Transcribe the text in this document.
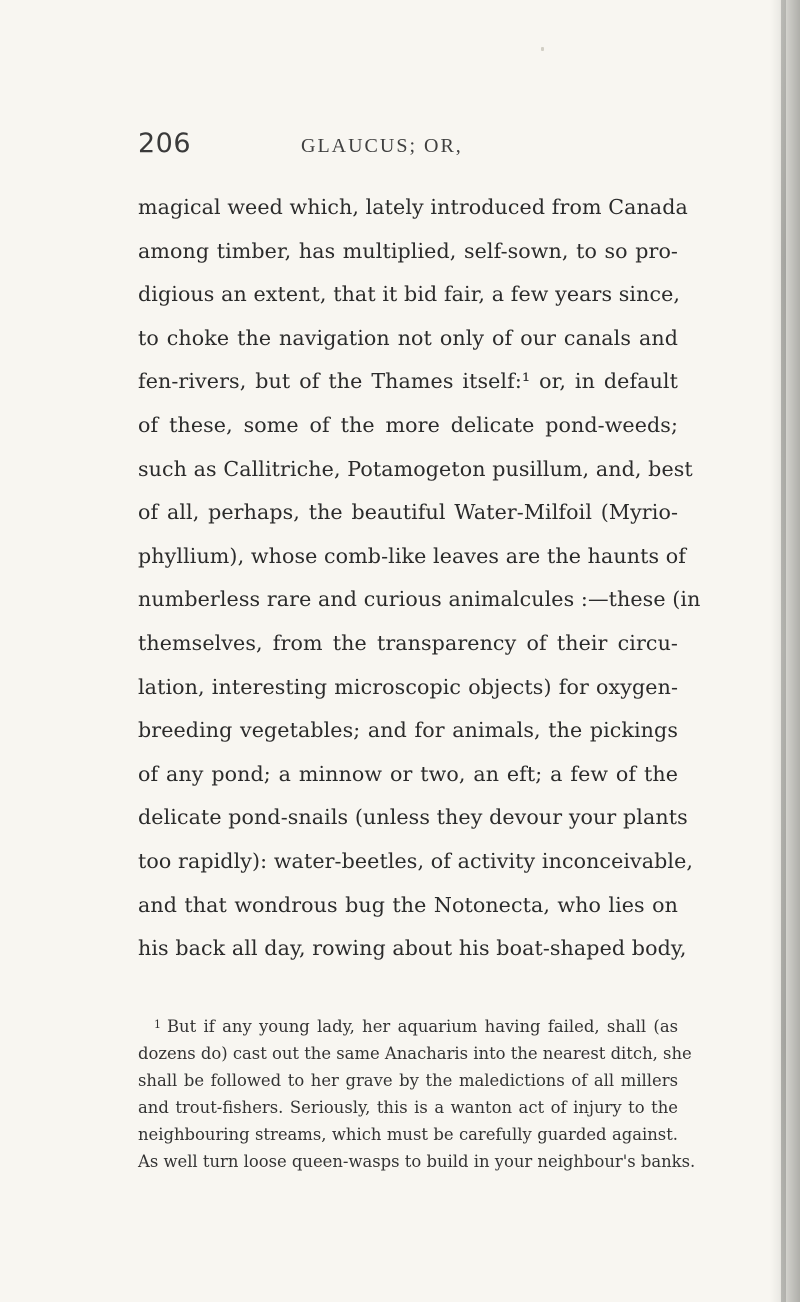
206	GLAUCUS; OR,
magical weed which, lately introduced from Canada
among timber, has multiplied, self-sown, to so pro-
digious an extent, that it bid fair, a few years since,
to choke the navigation not only of our canals and
fen-rivers, but of the Thames itself:¹ or, in default
of these, some of the more delicate pond-weeds;
such as Callitriche, Potamogeton pusillum, and, best
of all, perhaps, the beautiful Water-Milfoil (Myrio-
phyllium), whose comb-like leaves are the haunts of
numberless rare and curious animalcules :—these (in
themselves, from the transparency of their circu-
lation, interesting microscopic objects) for oxygen-
breeding vegetables; and for animals, the pickings
of any pond; a minnow or two, an eft; a few of the
delicate pond-snails (unless they devour your plants
too rapidly): water-beetles, of activity inconceivable,
and that wondrous bug the Notonecta, who lies on
his back all day, rowing about his boat-shaped body,
$^1$ But if any young lady, her aquarium having failed, shall (as
dozens do) cast out the same Anacharis into the nearest ditch, she
shall be followed to her grave by the maledictions of all millers
and trout-fishers. Seriously, this is a wanton act of injury to the
neighbouring streams, which must be carefully guarded against.
As well turn loose queen-wasps to build in your neighbour's banks.
